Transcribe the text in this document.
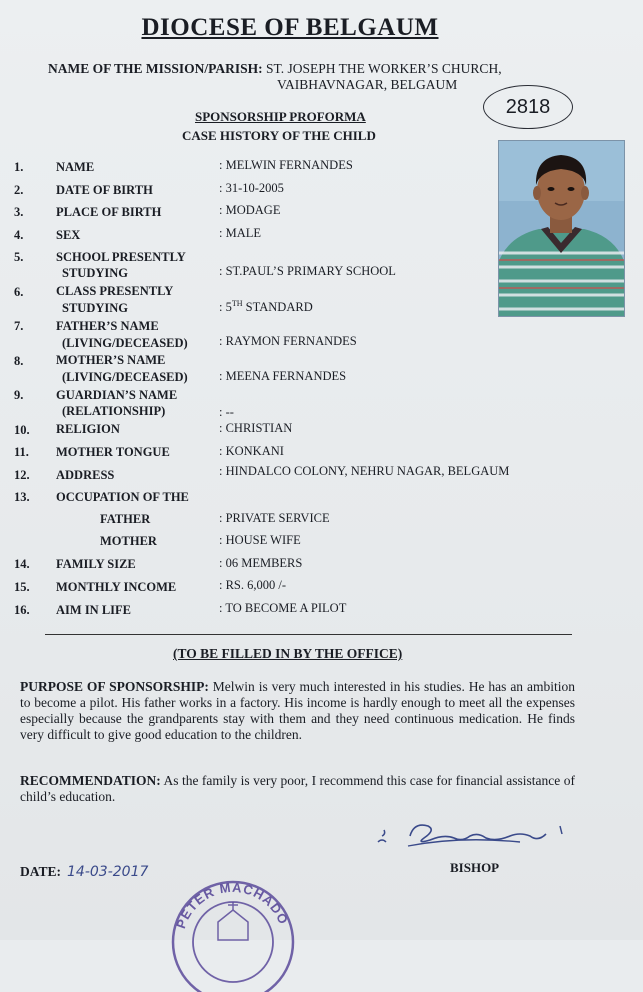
DIOCESE OF BELGAUM
NAME OF THE MISSION/PARISH: ST. JOSEPH THE WORKER’S CHURCH,
VAIBHAVNAGAR, BELGAUM
SPONSORSHIP PROFORMA
CASE HISTORY OF THE CHILD
2818
1.	NAME	: MELWIN FERNANDES
2.	DATE OF BIRTH	: 31-10-2005
3.	PLACE OF BIRTH	: MODAGE
4.	SEX	: MALE
5.	SCHOOL PRESENTLY
STUDYING	: ST.PAUL’S PRIMARY SCHOOL
6.	CLASS PRESENTLY
STUDYING	: 5TH STANDARD
7.	FATHER’S NAME
(LIVING/DECEASED)	: RAYMON FERNANDES
8.	MOTHER’S NAME
(LIVING/DECEASED)	: MEENA FERNANDES
9.	GUARDIAN’S NAME
(RELATIONSHIP)	: --
10. RELIGION	: CHRISTIAN
11. MOTHER TONGUE	: KONKANI
12. ADDRESS	: HINDALCO COLONY, NEHRU NAGAR, BELGAUM
13. OCCUPATION OF THE
FATHER	: PRIVATE SERVICE
MOTHER	: HOUSE WIFE
14. FAMILY SIZE	: 06 MEMBERS
15. MONTHLY INCOME	: RS. 6,000 /-
16. AIM IN LIFE	: TO BECOME A PILOT
(TO BE FILLED IN BY THE OFFICE)
PURPOSE OF SPONSORSHIP: Melwin is very much interested in his studies. He has an ambition to become a pilot. His father works in a factory. His income is hardly enough to meet all the expenses especially because the grandparents stay with them and they need continuous medication. He finds very difficult to give good education to the children.
RECOMMENDATION: As the family is very poor, I recommend this case for financial assistance of child’s education.
DATE: 14-03-2017	BISHOP
PETER MACHADO
